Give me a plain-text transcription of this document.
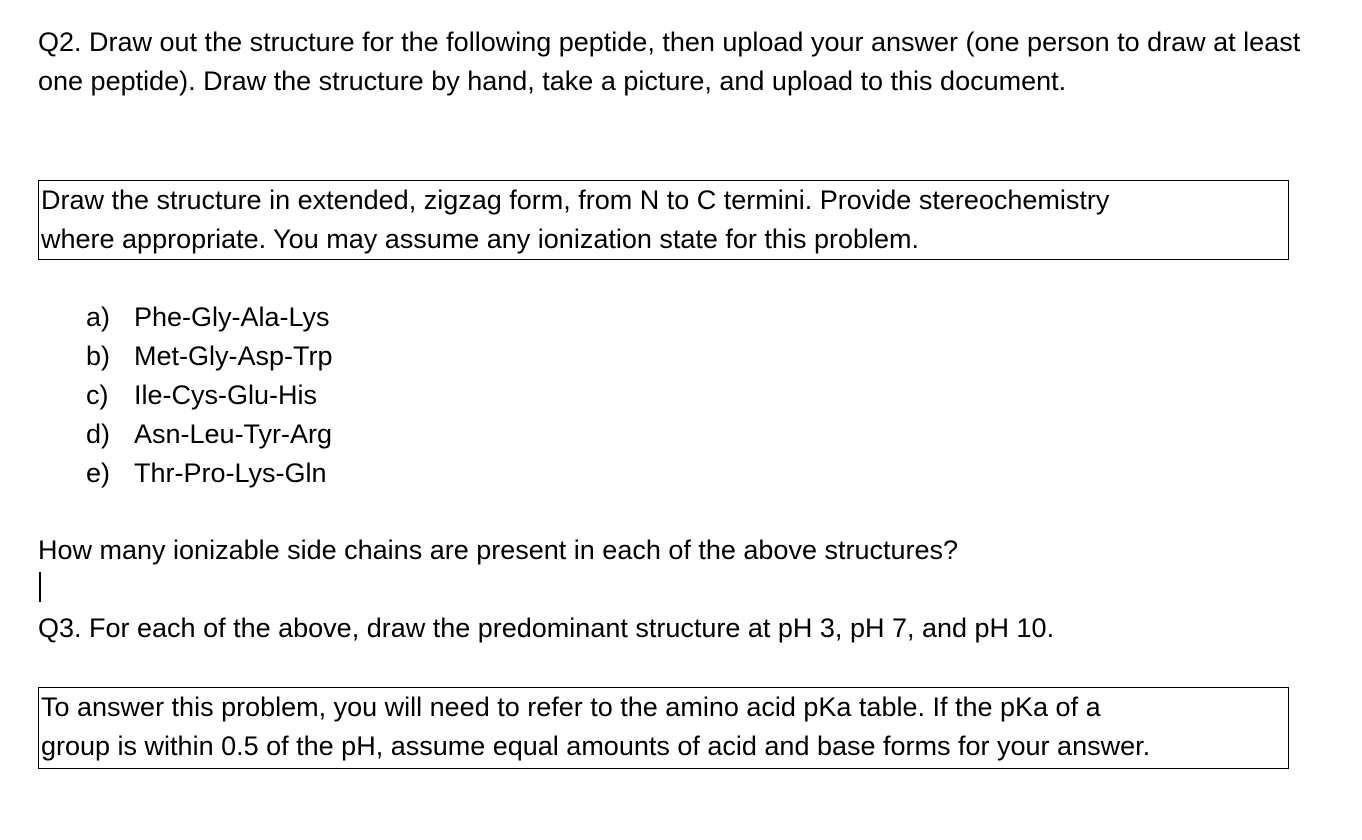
Q2. Draw out the structure for the following peptide, then upload your answer (one person to draw at least one peptide). Draw the structure by hand, take a picture, and upload to this document.

Draw the structure in extended, zigzag form, from N to C termini. Provide stereochemistry
where appropriate. You may assume any ionization state for this problem.
a) Phe-Gly-Ala-Lys
b) Met-Gly-Asp-Trp
c) Ile-Cys-Glu-His
d) Asn-Leu-Tyr-Arg
e) Thr-Pro-Lys-Gln

How many ionizable side chains are present in each of the above structures?

Q3. For each of the above, draw the predominant structure at pH 3, pH 7, and pH 10.

To answer this problem, you will need to refer to the amino acid pKa table. If the pKa of a
group is within 0.5 of the pH, assume equal amounts of acid and base forms for your answer.
